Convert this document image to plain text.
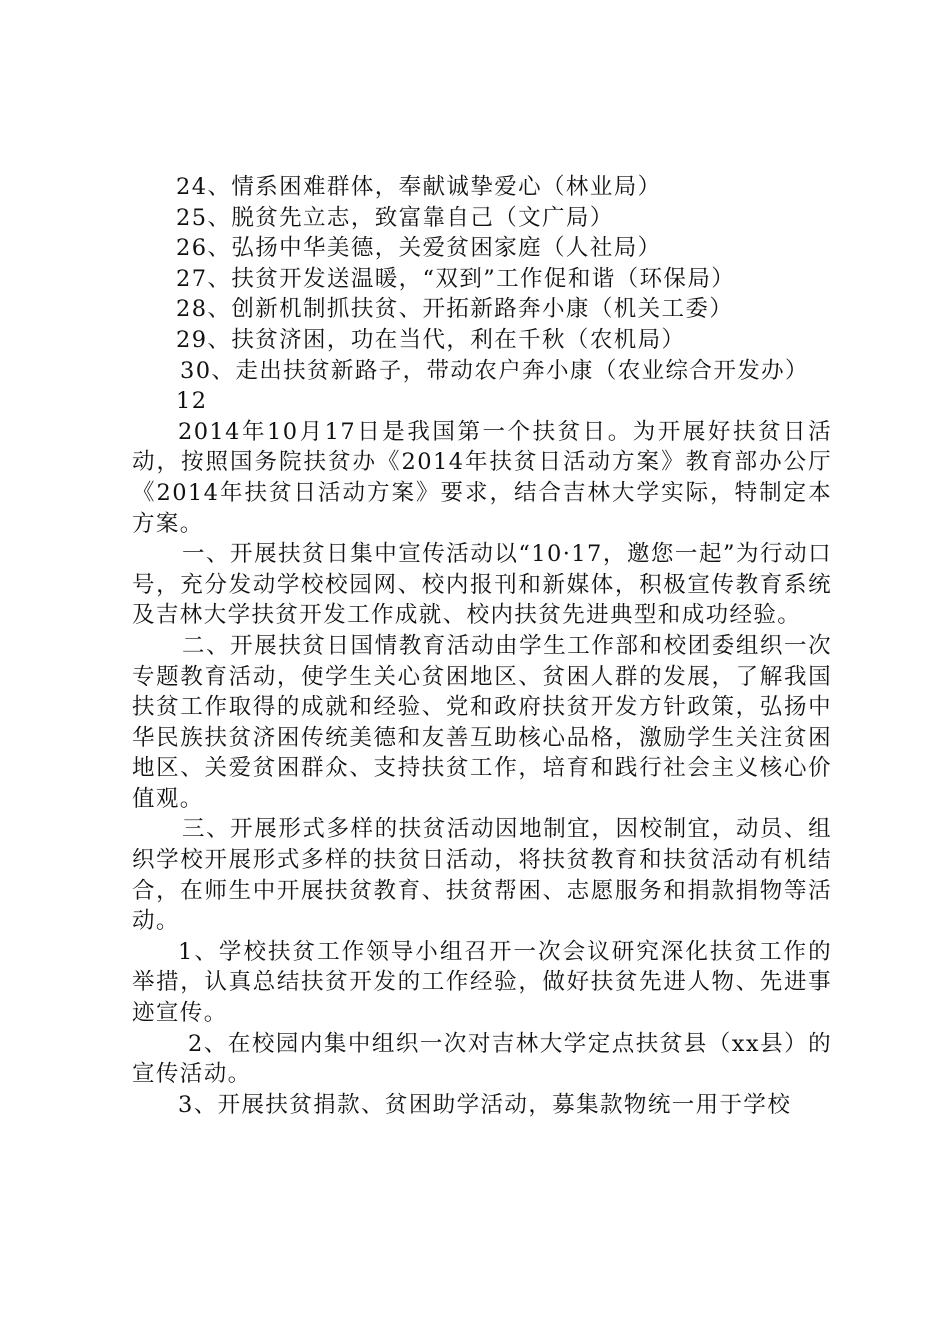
24、情系困难群体，奉献诚挚爱心（林业局）

25、脱贫先立志，致富靠自己（文广局）

26、弘扬中华美德，关爱贫困家庭（人社局）

27、扶贫开发送温暖，“双到”工作促和谐（环保局）

28、创新机制抓扶贫、开拓新路奔小康（机关工委）

29、扶贫济困，功在当代，利在千秋（农机局）

30、走出扶贫新路子，带动农户奔小康（农业综合开发办）

12

2014年10月17日是我国第一个扶贫日。为开展好扶贫日活动，按照国务院扶贫办《2014年扶贫日活动方案》教育部办公厅《2014年扶贫日活动方案》要求，结合吉林大学实际，特制定本方案。

一、开展扶贫日集中宣传活动以“10·17，邀您一起”为行动口号，充分发动学校校园网、校内报刊和新媒体，积极宣传教育系统及吉林大学扶贫开发工作成就、校内扶贫先进典型和成功经验。

二、开展扶贫日国情教育活动由学生工作部和校团委组织一次专题教育活动，使学生关心贫困地区、贫困人群的发展，了解我国扶贫工作取得的成就和经验、党和政府扶贫开发方针政策，弘扬中华民族扶贫济困传统美德和友善互助核心品格，激励学生关注贫困地区、关爱贫困群众、支持扶贫工作，培育和践行社会主义核心价值观。

三、开展形式多样的扶贫活动因地制宜，因校制宜，动员、组织学校开展形式多样的扶贫日活动，将扶贫教育和扶贫活动有机结合，在师生中开展扶贫教育、扶贫帮困、志愿服务和捐款捐物等活动。

1、学校扶贫工作领导小组召开一次会议研究深化扶贫工作的举措，认真总结扶贫开发的工作经验，做好扶贫先进人物、先进事迹宣传。

2、在校园内集中组织一次对吉林大学定点扶贫县（xx县）的宣传活动。

3、开展扶贫捐款、贫困助学活动，募集款物统一用于学校
